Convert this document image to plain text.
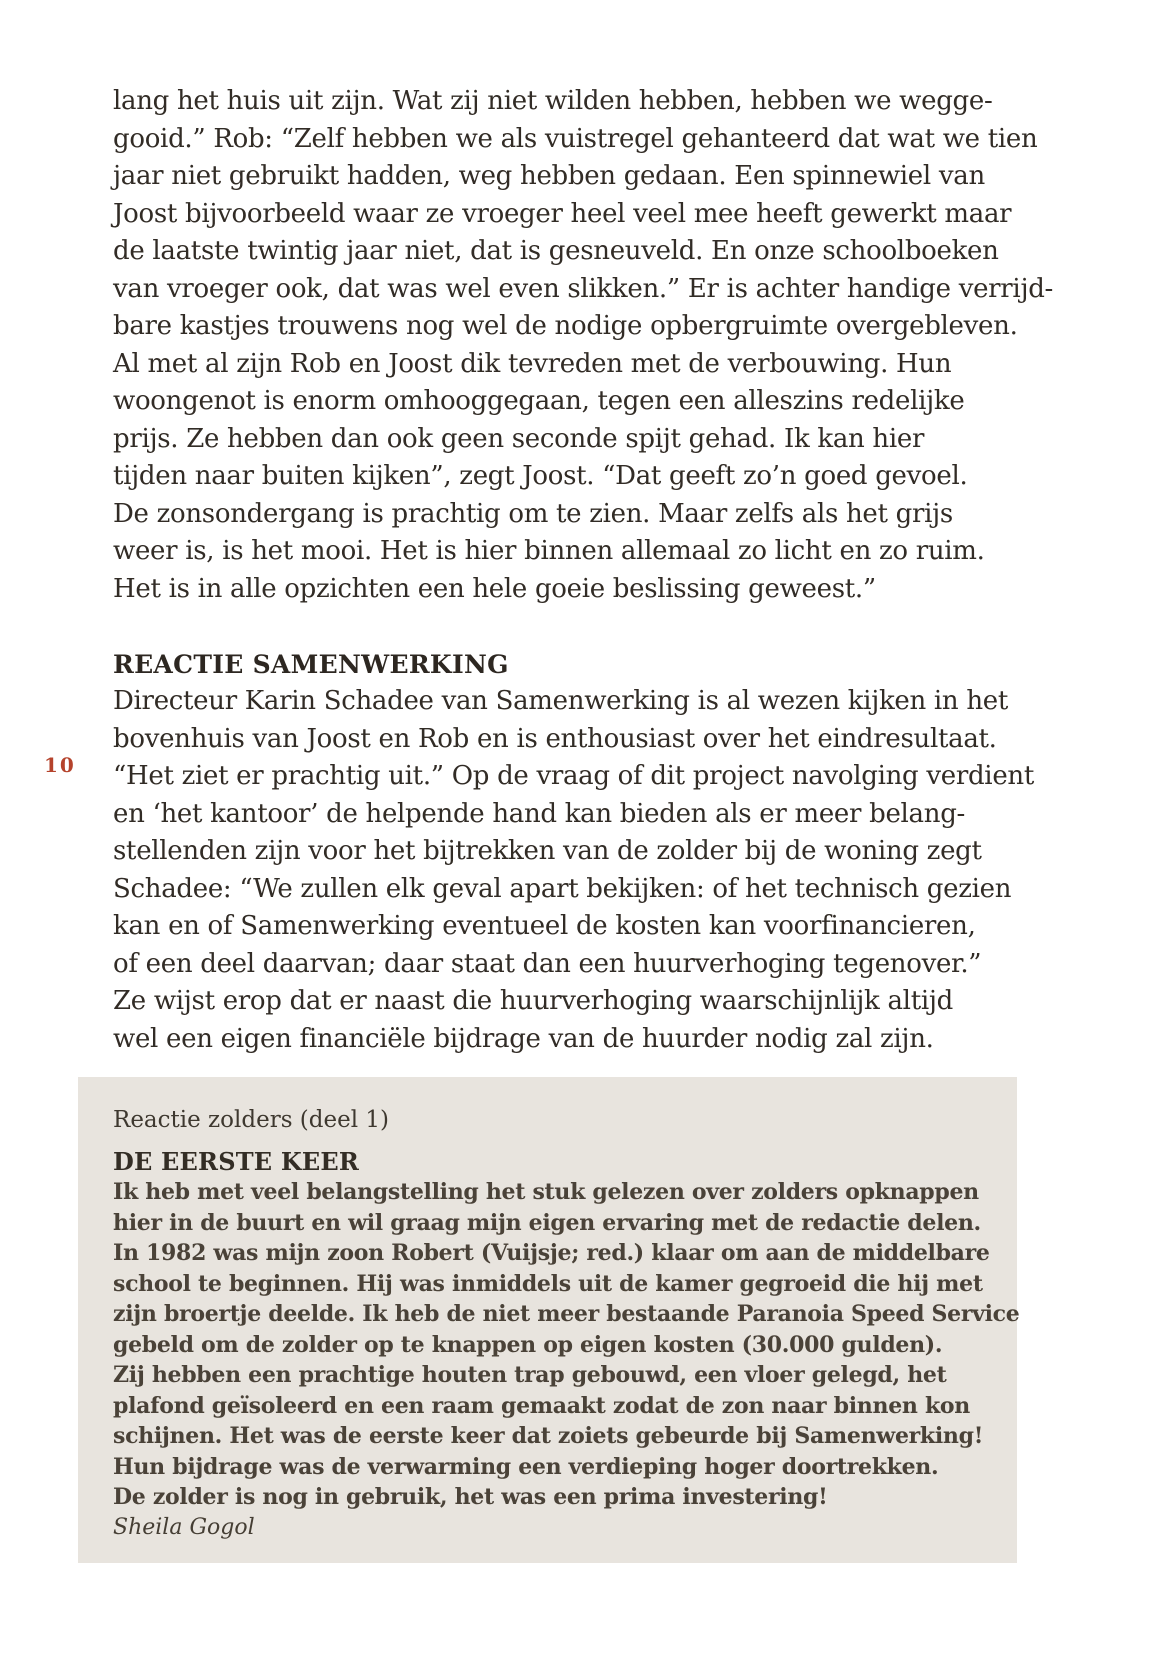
10
lang het huis uit zijn. Wat zij niet wilden hebben, hebben we wegge-
gooid.” Rob: “Zelf hebben we als vuistregel gehanteerd dat wat we tien
jaar niet gebruikt hadden, weg hebben gedaan. Een spinnewiel van
Joost bijvoorbeeld waar ze vroeger heel veel mee heeft gewerkt maar
de laatste twintig jaar niet, dat is gesneuveld. En onze schoolboeken
van vroeger ook, dat was wel even slikken.” Er is achter handige verrijd-
bare kastjes trouwens nog wel de nodige opbergruimte overgebleven.
Al met al zijn Rob en Joost dik tevreden met de verbouwing. Hun
woongenot is enorm omhooggegaan, tegen een alleszins redelijke
prijs. Ze hebben dan ook geen seconde spijt gehad. Ik kan hier
tijden naar buiten kijken”, zegt Joost. “Dat geeft zo’n goed gevoel.
De zonsondergang is prachtig om te zien. Maar zelfs als het grijs
weer is, is het mooi. Het is hier binnen allemaal zo licht en zo ruim.
Het is in alle opzichten een hele goeie beslissing geweest.”
REACTIE SAMENWERKING
Directeur Karin Schadee van Samenwerking is al wezen kijken in het
bovenhuis van Joost en Rob en is enthousiast over het eindresultaat.
“Het ziet er prachtig uit.” Op de vraag of dit project navolging verdient
en ‘het kantoor’ de helpende hand kan bieden als er meer belang-
stellenden zijn voor het bijtrekken van de zolder bij de woning zegt
Schadee: “We zullen elk geval apart bekijken: of het technisch gezien
kan en of Samenwerking eventueel de kosten kan voorfinancieren,
of een deel daarvan; daar staat dan een huurverhoging tegenover.”
Ze wijst erop dat er naast die huurverhoging waarschijnlijk altijd
wel een eigen financiële bijdrage van de huurder nodig zal zijn.
Reactie zolders (deel 1)
DE EERSTE KEER
Ik heb met veel belangstelling het stuk gelezen over zolders opknappen
hier in de buurt en wil graag mijn eigen ervaring met de redactie delen.
In 1982 was mijn zoon Robert (Vuijsje; red.) klaar om aan de middelbare
school te beginnen. Hij was inmiddels uit de kamer gegroeid die hij met
zijn broertje deelde. Ik heb de niet meer bestaande Paranoia Speed Service
gebeld om de zolder op te knappen op eigen kosten (30.000 gulden).
Zij hebben een prachtige houten trap gebouwd, een vloer gelegd, het
plafond geïsoleerd en een raam gemaakt zodat de zon naar binnen kon
schijnen. Het was de eerste keer dat zoiets gebeurde bij Samenwerking!
Hun bijdrage was de verwarming een verdieping hoger doortrekken.
De zolder is nog in gebruik, het was een prima investering!
Sheila Gogol
